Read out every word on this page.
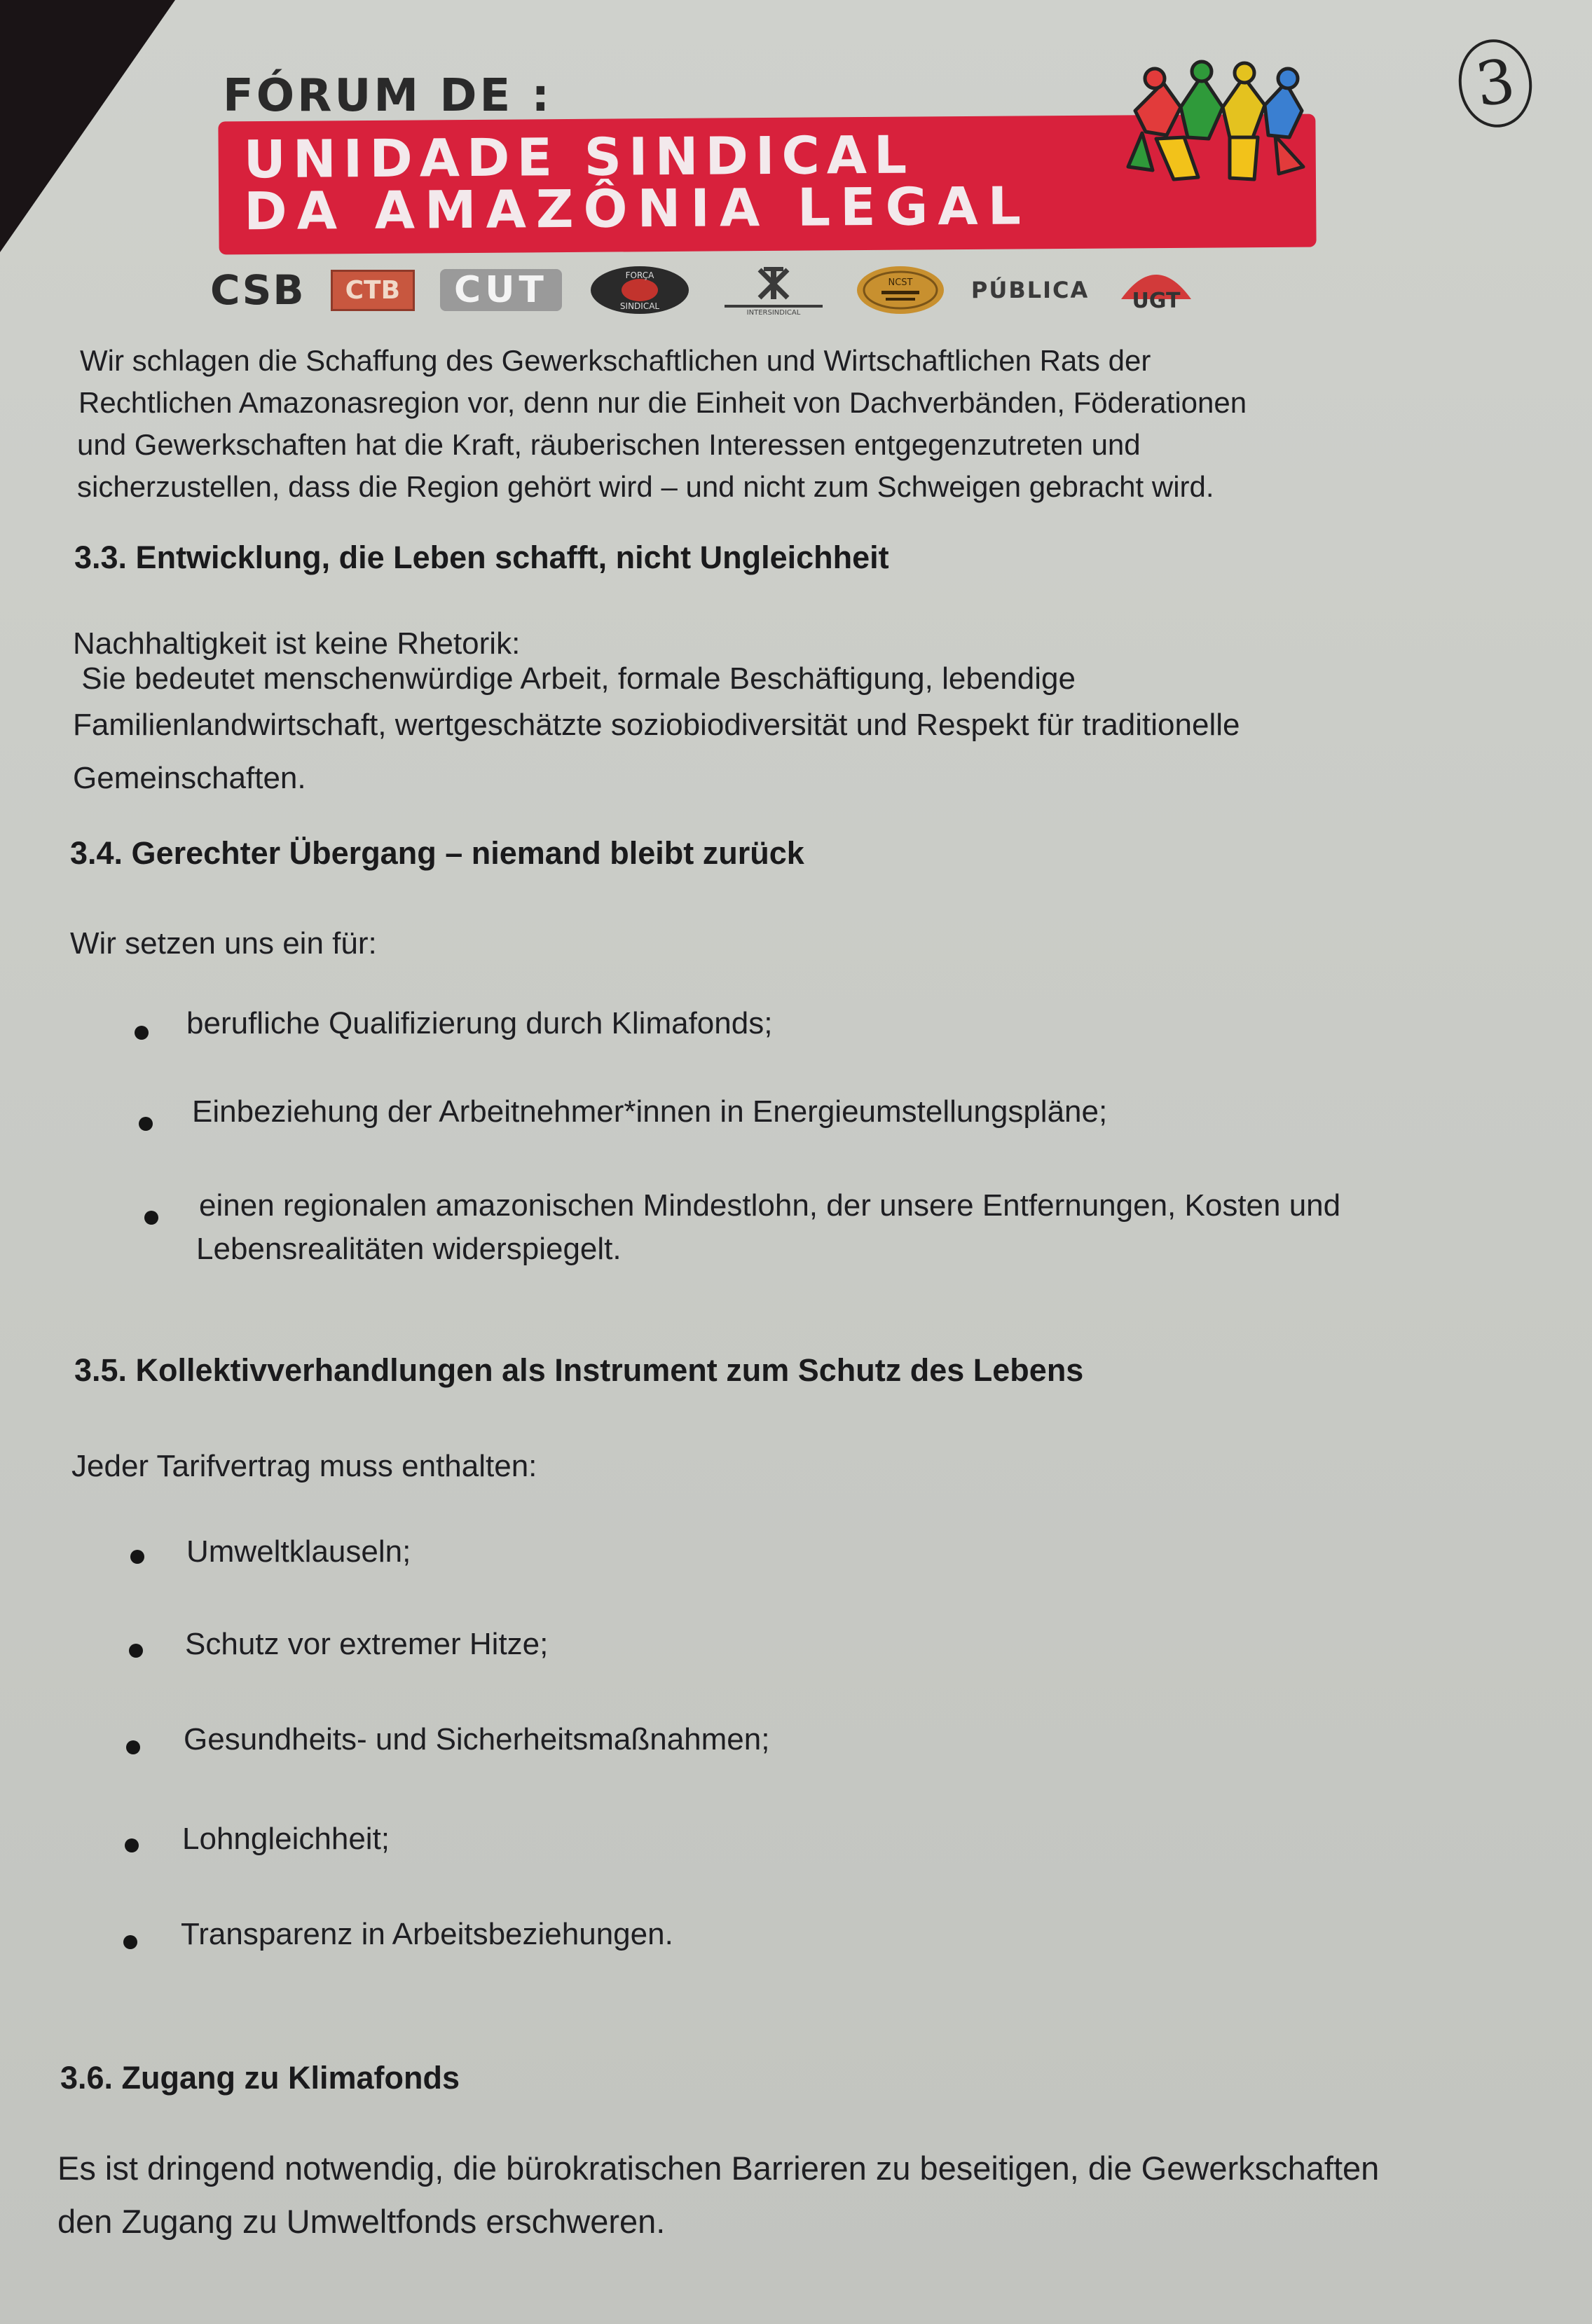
3
FÓRUM DE :
UNIDADE SINDICAL
DA AMAZÔNIA LEGAL
CSB	CTB	CUT	FORÇA
SINDICAL
INTERSINDICAL
NCST	PÚBLICA UGT
Wir schlagen die Schaffung des Gewerkschaftlichen und Wirtschaftlichen Rats der
Rechtlichen Amazonasregion vor, denn nur die Einheit von Dachverbänden, Föderationen
und Gewerkschaften hat die Kraft, räuberischen Interessen entgegenzutreten und
sicherzustellen, dass die Region gehört wird – und nicht zum Schweigen gebracht wird.
3.3. Entwicklung, die Leben schafft, nicht Ungleichheit
Nachhaltigkeit ist keine Rhetorik:
Sie bedeutet menschenwürdige Arbeit, formale Beschäftigung, lebendige
Familienlandwirtschaft, wertgeschätzte soziobiodiversität und Respekt für traditionelle
Gemeinschaften.
3.4. Gerechter Übergang – niemand bleibt zurück
Wir setzen uns ein für:
berufliche Qualifizierung durch Klimafonds;
Einbeziehung der Arbeitnehmer*innen in Energieumstellungspläne;
einen regionalen amazonischen Mindestlohn, der unsere Entfernungen, Kosten und
Lebensrealitäten widerspiegelt.
3.5. Kollektivverhandlungen als Instrument zum Schutz des Lebens
Jeder Tarifvertrag muss enthalten:
Umweltklauseln;
Schutz vor extremer Hitze;
Gesundheits- und Sicherheitsmaßnahmen;
Lohngleichheit;
Transparenz in Arbeitsbeziehungen.
3.6. Zugang zu Klimafonds
Es ist dringend notwendig, die bürokratischen Barrieren zu beseitigen, die Gewerkschaften
den Zugang zu Umweltfonds erschweren.
